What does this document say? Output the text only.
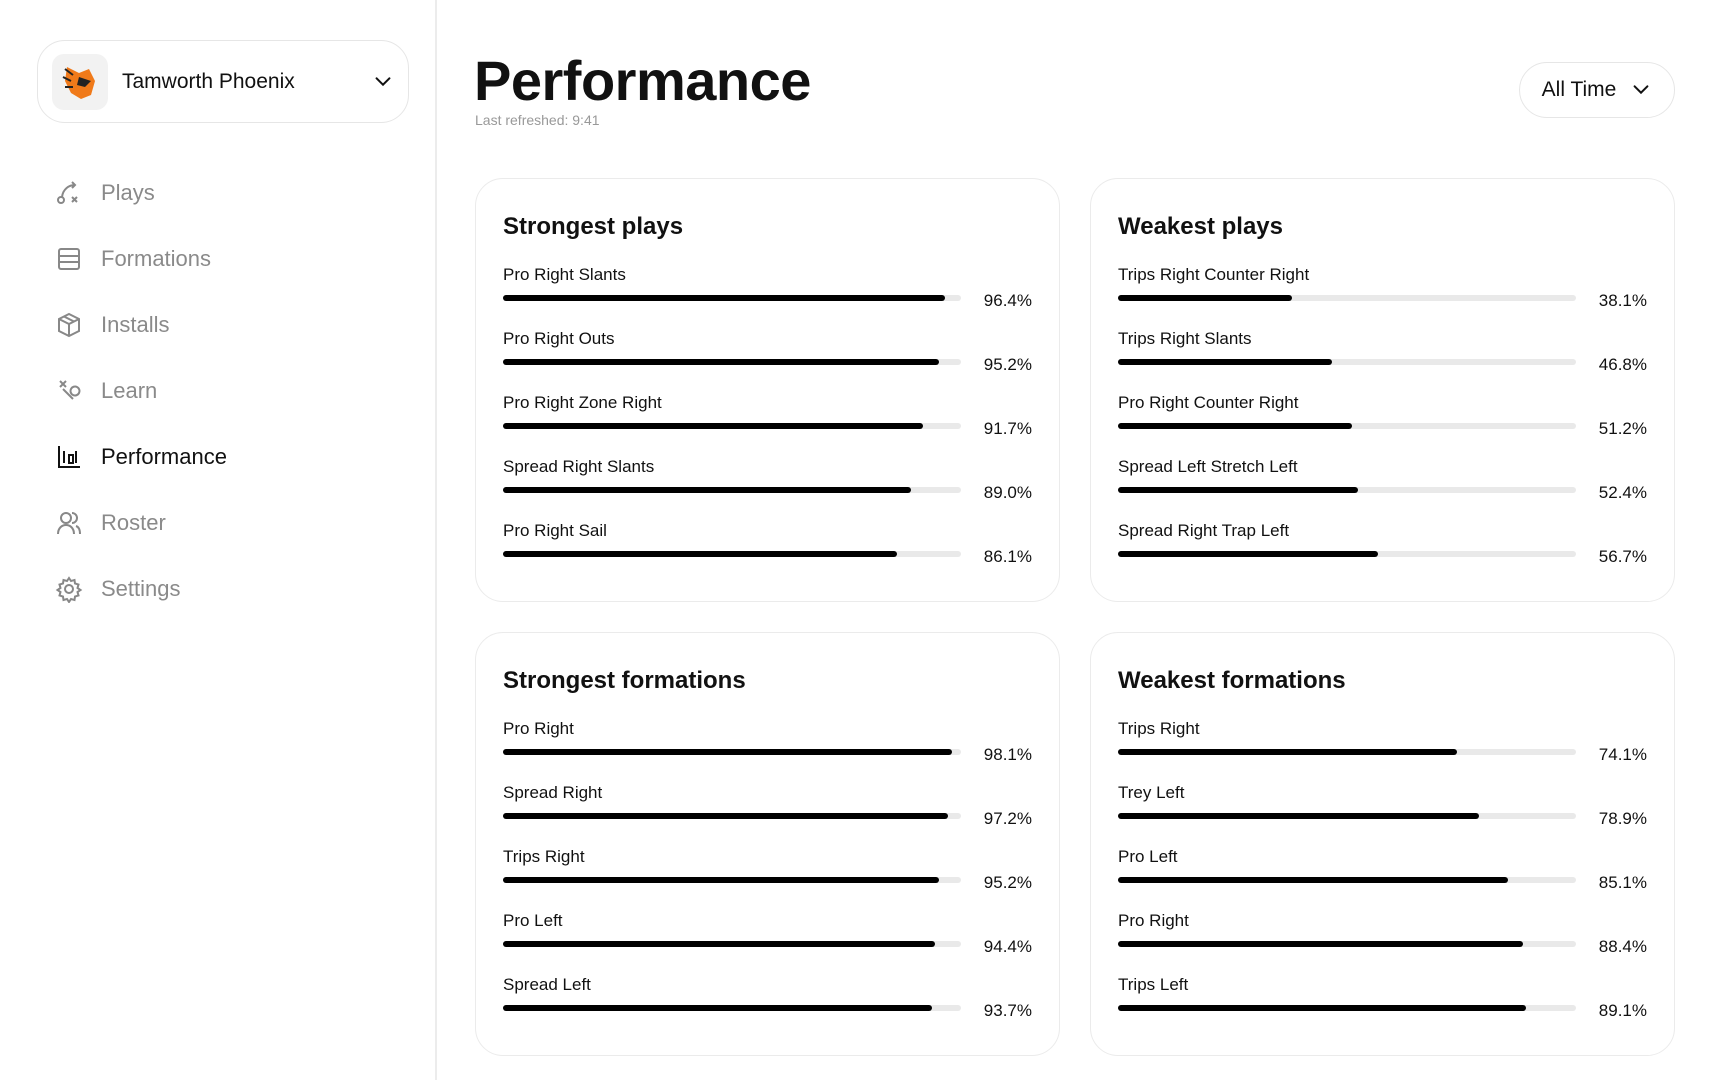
Tamworth Phoenix
Plays
Formations
Installs
Learn
Performance
Roster
Settings
Performance
Last refreshed: 9:41
All Time
Strongest plays
Pro Right Slants
96.4%
Pro Right Outs
95.2%
Pro Right Zone Right
91.7%
Spread Right Slants
89.0%
Pro Right Sail
86.1%
Weakest plays
Trips Right Counter Right
38.1%
Trips Right Slants
46.8%
Pro Right Counter Right
51.2%
Spread Left Stretch Left
52.4%
Spread Right Trap Left
56.7%
Strongest formations
Pro Right
98.1%
Spread Right
97.2%
Trips Right
95.2%
Pro Left
94.4%
Spread Left
93.7%
Weakest formations
Trips Right
74.1%
Trey Left
78.9%
Pro Left
85.1%
Pro Right
88.4%
Trips Left
89.1%
